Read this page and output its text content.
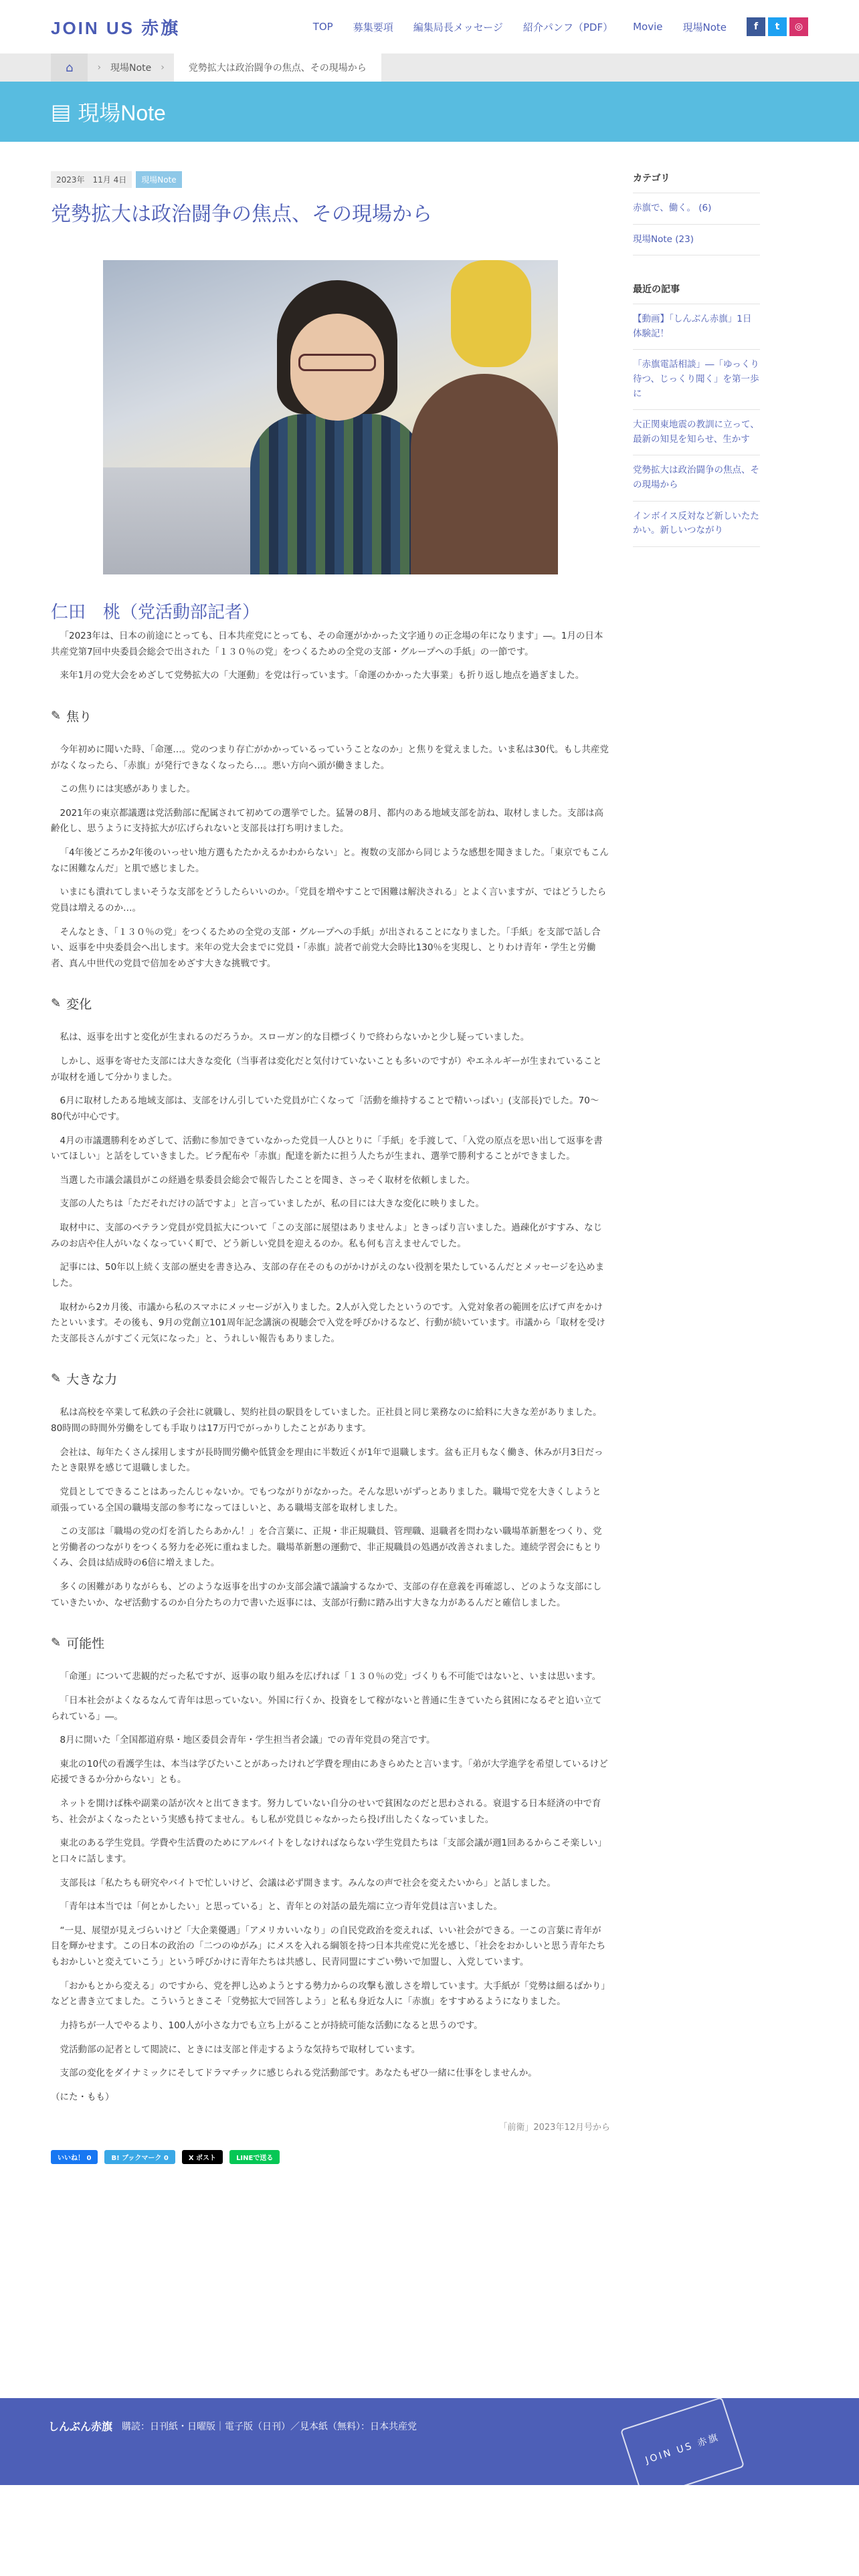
JOIN US 赤旗	TOP 募集要項 編集局長メッセージ 紹介パンフ（PDF） Movie 現場Note	f	t	◎
⌂	› 現場Note ›	党勢拡大は政治闘争の焦点、その現場から
▤ 現場Note
2023年　11月 4日	現場Note
党勢拡大は政治闘争の焦点、その現場から
仁田　桃（党活動部記者）

「2023年は、日本の前途にとっても、日本共産党にとっても、その命運がかかった文字通りの正念場の年になります」―。1月の日本共産党第7回中央委員会総会で出された「１３０％の党」をつくるための全党の支部・グループへの手紙」の一節です。

来年1月の党大会をめざして党勢拡大の「大運動」を党は行っています。「命運のかかった大事業」も折り返し地点を過ぎました。

✎ 焦り

今年初めに聞いた時、「命運…。党のつまり存亡がかかっているっていうことなのか」と焦りを覚えました。いま私は30代。もし共産党がなくなったら、「赤旗」が発行できなくなったら…。悪い方向へ頭が働きました。

この焦りには実感がありました。

2021年の東京都議選は党活動部に配属されて初めての選挙でした。猛暑の8月、都内のある地域支部を訪ね、取材しました。支部は高齢化し、思うように支持拡大が広げられないと支部長は打ち明けました。

「4年後どころか2年後のいっせい地方選もたたかえるかわからない」と。複数の支部から同じような感想を聞きました。「東京でもこんなに困難なんだ」と肌で感じました。

いまにも潰れてしまいそうな支部をどうしたらいいのか。「党員を増やすことで困難は解決される」とよく言いますが、ではどうしたら党員は増えるのか…。

そんなとき、「１３０％の党」をつくるための全党の支部・グループへの手紙」が出されることになりました。「手紙」を支部で話し合い、返事を中央委員会へ出します。来年の党大会までに党員・「赤旗」読者で前党大会時比130％を実現し、とりわけ青年・学生と労働者、真ん中世代の党員で倍加をめざす大きな挑戦です。

✎ 変化

私は、返事を出すと変化が生まれるのだろうか。スローガン的な目標づくりで終わらないかと少し疑っていました。

しかし、返事を寄せた支部には大きな変化（当事者は変化だと気付けていないことも多いのですが）やエネルギーが生まれていることが取材を通して分かりました。

6月に取材したある地域支部は、支部をけん引していた党員が亡くなって「活動を維持することで精いっぱい」(支部長)でした。70～80代が中心です。

4月の市議選勝利をめざして、活動に参加できていなかった党員一人ひとりに「手紙」を手渡して、「入党の原点を思い出して返事を書いてほしい」と話をしていきました。ビラ配布や「赤旗」配達を新たに担う人たちが生まれ、選挙で勝利することができました。

当選した市議会議員がこの経過を県委員会総会で報告したことを聞き、さっそく取材を依頼しました。

支部の人たちは「ただそれだけの話ですよ」と言っていましたが、私の目には大きな変化に映りました。

取材中に、支部のベテラン党員が党員拡大について「この支部に展望はありませんよ」ときっぱり言いました。過疎化がすすみ、なじみのお店や住人がいなくなっていく町で、どう新しい党員を迎えるのか。私も何も言えませんでした。

記事には、50年以上続く支部の歴史を書き込み、支部の存在そのものがかけがえのない役割を果たしているんだとメッセージを込めました。

取材から2カ月後、市議から私のスマホにメッセージが入りました。2人が入党したというのです。入党対象者の範囲を広げて声をかけたといいます。その後も、9月の党創立101周年記念講演の視聴会で入党を呼びかけるなど、行動が続いています。市議から「取材を受けた支部長さんがすごく元気になった」と、うれしい報告もありました。

✎ 大きな力

私は高校を卒業して私鉄の子会社に就職し、契約社員の駅員をしていました。正社員と同じ業務なのに給料に大きな差がありました。80時間の時間外労働をしても手取りは17万円でがっかりしたことがあります。

会社は、毎年たくさん採用しますが長時間労働や低賃金を理由に半数近くが1年で退職します。盆も正月もなく働き、休みが月3日だったとき限界を感じて退職しました。

党員としてできることはあったんじゃないか。でもつながりがなかった。そんな思いがずっとありました。職場で党を大きくしようと頑張っている全国の職場支部の参考になってほしいと、ある職場支部を取材しました。

この支部は「職場の党の灯を消したらあかん！」を合言葉に、正規・非正規職員、管理職、退職者を問わない職場革新懇をつくり、党と労働者のつながりをつくる努力を必死に重ねました。職場革新懇の運動で、非正規職員の処遇が改善されました。連続学習会にもとりくみ、会員は結成時の6倍に増えました。

多くの困難がありながらも、どのような返事を出すのか支部会議で議論するなかで、支部の存在意義を再確認し、どのような支部にしていきたいか、なぜ活動するのか自分たちの力で書いた返事には、支部が行動に踏み出す大きな力があるんだと確信しました。

✎ 可能性

「命運」について悲観的だった私ですが、返事の取り組みを広げれば「１３０％の党」づくりも不可能ではないと、いまは思います。

「日本社会がよくなるなんて青年は思っていない。外国に行くか、投資をして稼がないと普通に生きていたら貧困になるぞと追い立てられている」―。

8月に開いた「全国都道府県・地区委員会青年・学生担当者会議」での青年党員の発言です。

東北の10代の看護学生は、本当は学びたいことがあったけれど学費を理由にあきらめたと言います。「弟が大学進学を希望しているけど応援できるか分からない」とも。

ネットを開けば株や副業の話が次々と出てきます。努力していない自分のせいで貧困なのだと思わされる。衰退する日本経済の中で育ち、社会がよくなったという実感も持てません。もし私が党員じゃなかったら投げ出したくなっていました。

東北のある学生党員。学費や生活費のためにアルバイトをしなければならない学生党員たちは「支部会議が週1回あるからこそ楽しい」と口々に話します。

支部長は「私たちも研究やバイトで忙しいけど、会議は必ず開きます。みんなの声で社会を変えたいから」と話しました。

「青年は本当では「何とかしたい」と思っている」と、青年との対話の最先端に立つ青年党員は言いました。

“一見、展望が見えづらいけど「大企業優遇」「アメリカいいなり」の自民党政治を変えれば、いい社会ができる。一この言葉に青年が目を輝かせます。この日本の政治の「二つのゆがみ」にメスを入れる綱領を持つ日本共産党に光を感じ、「社会をおかしいと思う青年たちもおかしいと変えていこう」という呼びかけに青年たちは共感し、民青同盟にすごい勢いで加盟し、入党しています。

「おかもとから変える」のですから、党を押し込めようとする勢力からの攻撃も激しさを増しています。大手紙が「党勢は細るばかり」などと書き立てました。こういうときこそ「党勢拡大で回答しよう」と私も身近な人に「赤旗」をすすめるようになりました。

力持ちが一人でやるより、100人が小さな力でも立ち上がることが持続可能な活動になると思うのです。

党活動部の記者として閲読に、ときには支部と伴走するような気持ちで取材しています。

支部の変化をダイナミックにそしてドラマチックに感じられる党活動部です。あなたもぜひ一緒に仕事をしませんか。

（にた・もも）

「前衛」2023年12月号から
いいね！ 0	B! ブックマーク 0	X ポスト	LINEで送る
カテゴリ
赤旗で、働く。 (6)
現場Note (23)
最近の記事
【動画】「しんぶん赤旗」1日体験記！
「赤旗電話相談」―「ゆっくり待つ、じっくり聞く」を第一歩に
大正関東地震の教訓に立って、最新の知見を知らせ、生かす
党勢拡大は政治闘争の焦点、その現場から
インボイス反対など新しいたたかい。新しいつながり
しんぶん赤旗 購読：日刊紙・日曜版｜電子版（日刊）／見本紙（無料）：日本共産党
JOIN US 赤旗
